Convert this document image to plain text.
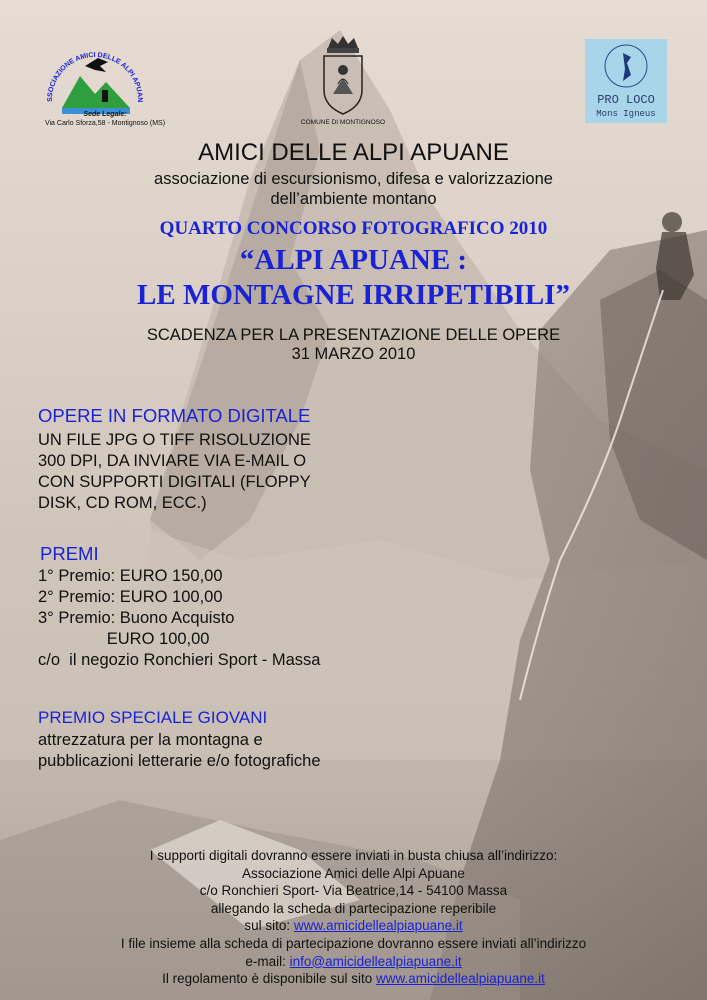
SSOCIAZIONE AMICI DELLE ALPI APUAN
Sede Legale:
Via Carlo Sforza,58 - Montignoso (MS)	COMUNE DI MONTIGNOSO
PRO LOCO
Mons Igneus
AMICI DELLE ALPI APUANE
associazione di escursionismo, difesa e valorizzazione
dell’ambiente montano
QUARTO CONCORSO FOTOGRAFICO 2010
“ALPI APUANE :
LE MONTAGNE IRRIPETIBILI”
SCADENZA PER LA PRESENTAZIONE DELLE OPERE
31 MARZO 2010
OPERE IN FORMATO DIGITALE
UN FILE JPG O TIFF RISOLUZIONE
300 DPI, DA INVIARE VIA E-MAIL O
CON SUPPORTI DIGITALI (FLOPPY
DISK, CD ROM, ECC.)
PREMI
1° Premio: EURO 150,00
2° Premio: EURO 100,00
3° Premio: Buono Acquisto
EURO 100,00
c/o  il negozio Ronchieri Sport - Massa
PREMIO SPECIALE GIOVANI
attrezzatura per la montagna e
pubblicazioni letterarie e/o fotografiche
I supporti digitali dovranno essere inviati in busta chiusa all’indirizzo:
Associazione Amici delle Alpi Apuane
c/o Ronchieri Sport- Via Beatrice,14 - 54100 Massa
allegando la scheda di partecipazione reperibile
sul sito: www.amicidellealpiapuane.it
I file insieme alla scheda di partecipazione dovranno essere inviati all’indirizzo
e-mail: info@amicidellealpiapuane.it
Il regolamento è disponibile sul sito www.amicidellealpiapuane.it
